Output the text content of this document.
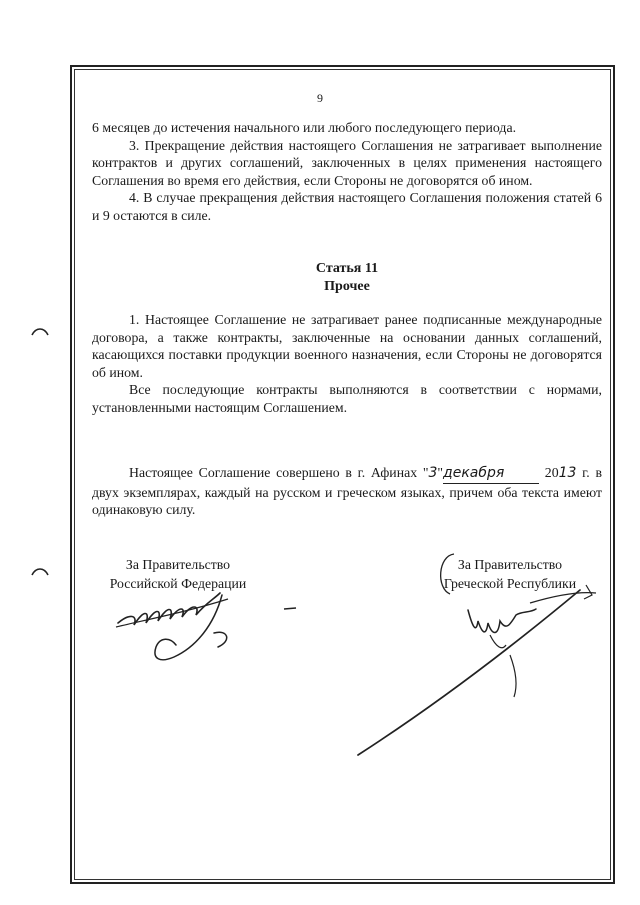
9

6 месяцев до истечения начального или любого последующего периода.

3. Прекращение действия настоящего Соглашения не затрагивает выполнение контрактов и других соглашений, заключенных в целях применения настоящего Соглашения во время его действия, если Стороны не договорятся об ином.

4. В случае прекращения действия настоящего Соглашения положения статей 6 и 9 остаются в силе.

Статья 11
Прочее

1. Настоящее Соглашение не затрагивает ранее подписанные международные договора, а также контракты, заключенные на основании данных соглашений, касающихся поставки продукции военного назначения, если Стороны не договорятся об ином.

Все последующие контракты выполняются в соответствии с нормами, установленными настоящим Соглашением.

Настоящее Соглашение совершено в г. Афинах "3"декабря	2013 г. в двух экземплярах, каждый на русском и греческом языках, причем оба текста имеют одинаковую силу.

За Правительство
Российской Федерации
За Правительство
Греческой Республики
